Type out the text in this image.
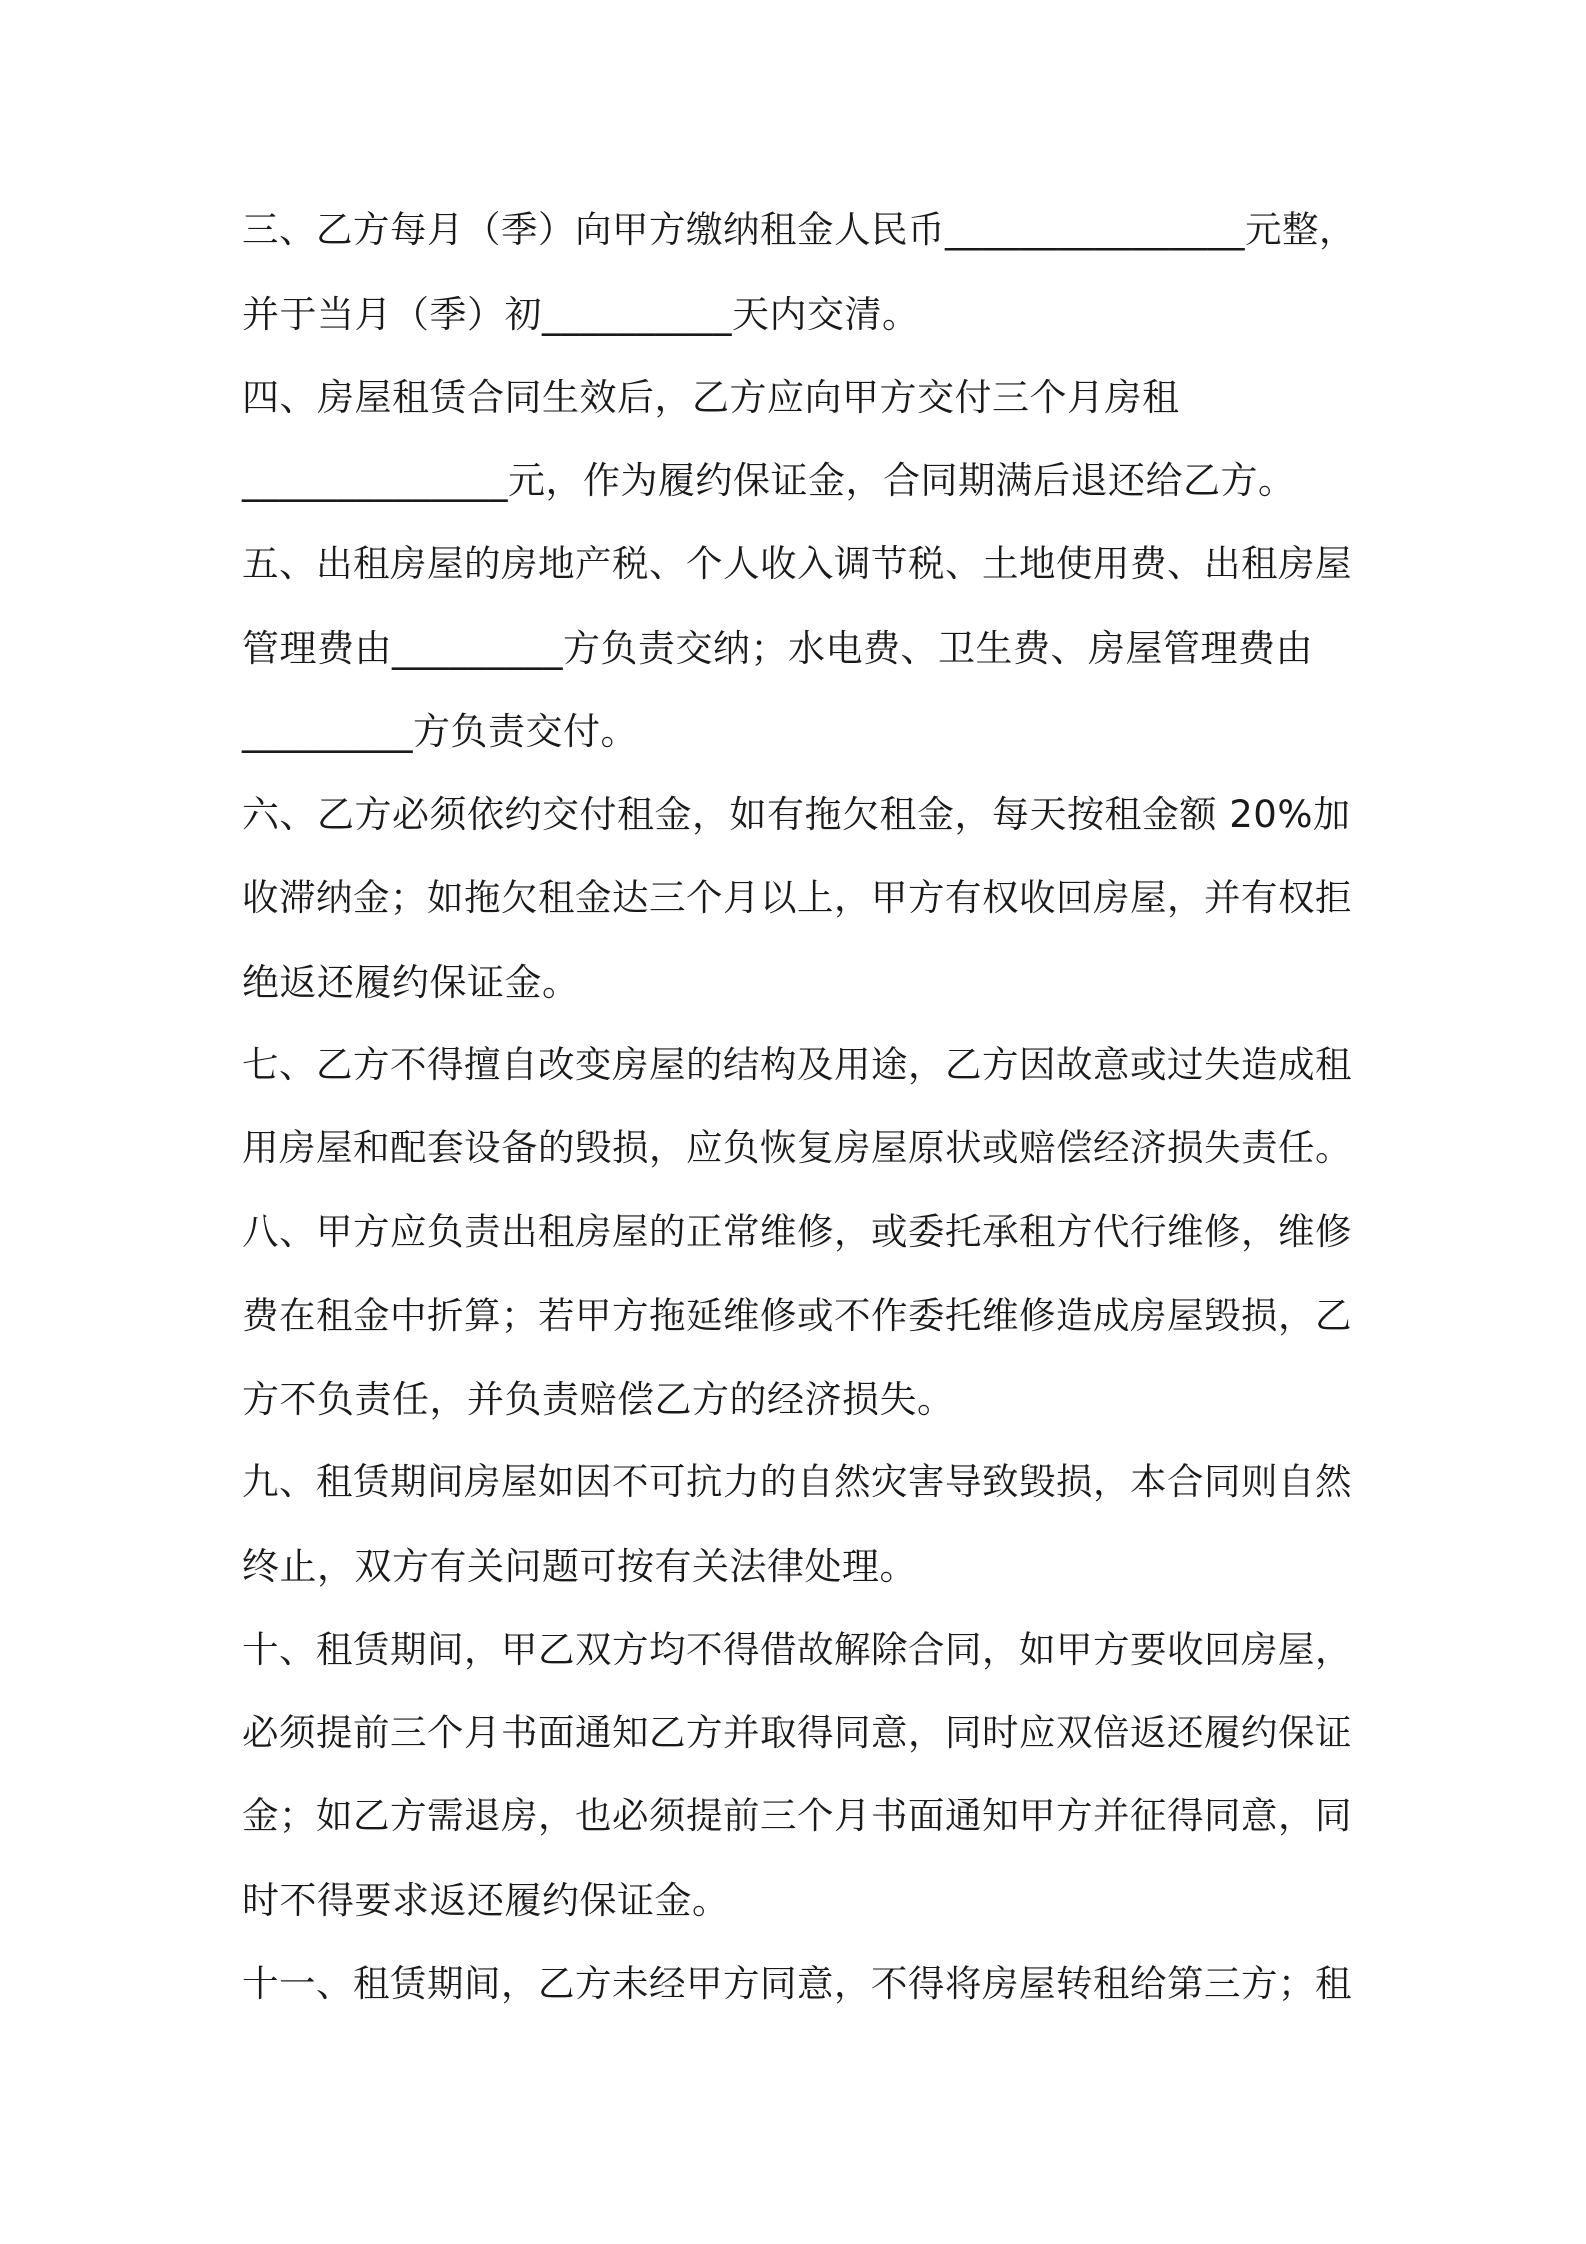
三、乙方每月（季）向甲方缴纳租金人民币________________元整，
并于当月（季）初__________天内交清。
四、房屋租赁合同生效后，乙方应向甲方交付三个月房租
______________元，作为履约保证金，合同期满后退还给乙方。
五、出租房屋的房地产税、个人收入调节税、土地使用费、出租房屋
管理费由_________方负责交纳；水电费、卫生费、房屋管理费由
_________方负责交付。
六、乙方必须依约交付租金，如有拖欠租金，每天按租金额 20%加
收滞纳金；如拖欠租金达三个月以上，甲方有权收回房屋，并有权拒
绝返还履约保证金。
七、乙方不得擅自改变房屋的结构及用途，乙方因故意或过失造成租
用房屋和配套设备的毁损，应负恢复房屋原状或赔偿经济损失责任。
八、甲方应负责出租房屋的正常维修，或委托承租方代行维修，维修
费在租金中折算；若甲方拖延维修或不作委托维修造成房屋毁损，乙
方不负责任，并负责赔偿乙方的经济损失。
九、租赁期间房屋如因不可抗力的自然灾害导致毁损，本合同则自然
终止，双方有关问题可按有关法律处理。
十、租赁期间，甲乙双方均不得借故解除合同，如甲方要收回房屋，
必须提前三个月书面通知乙方并取得同意，同时应双倍返还履约保证
金；如乙方需退房，也必须提前三个月书面通知甲方并征得同意，同
时不得要求返还履约保证金。
十一、租赁期间，乙方未经甲方同意，不得将房屋转租给第三方；租
